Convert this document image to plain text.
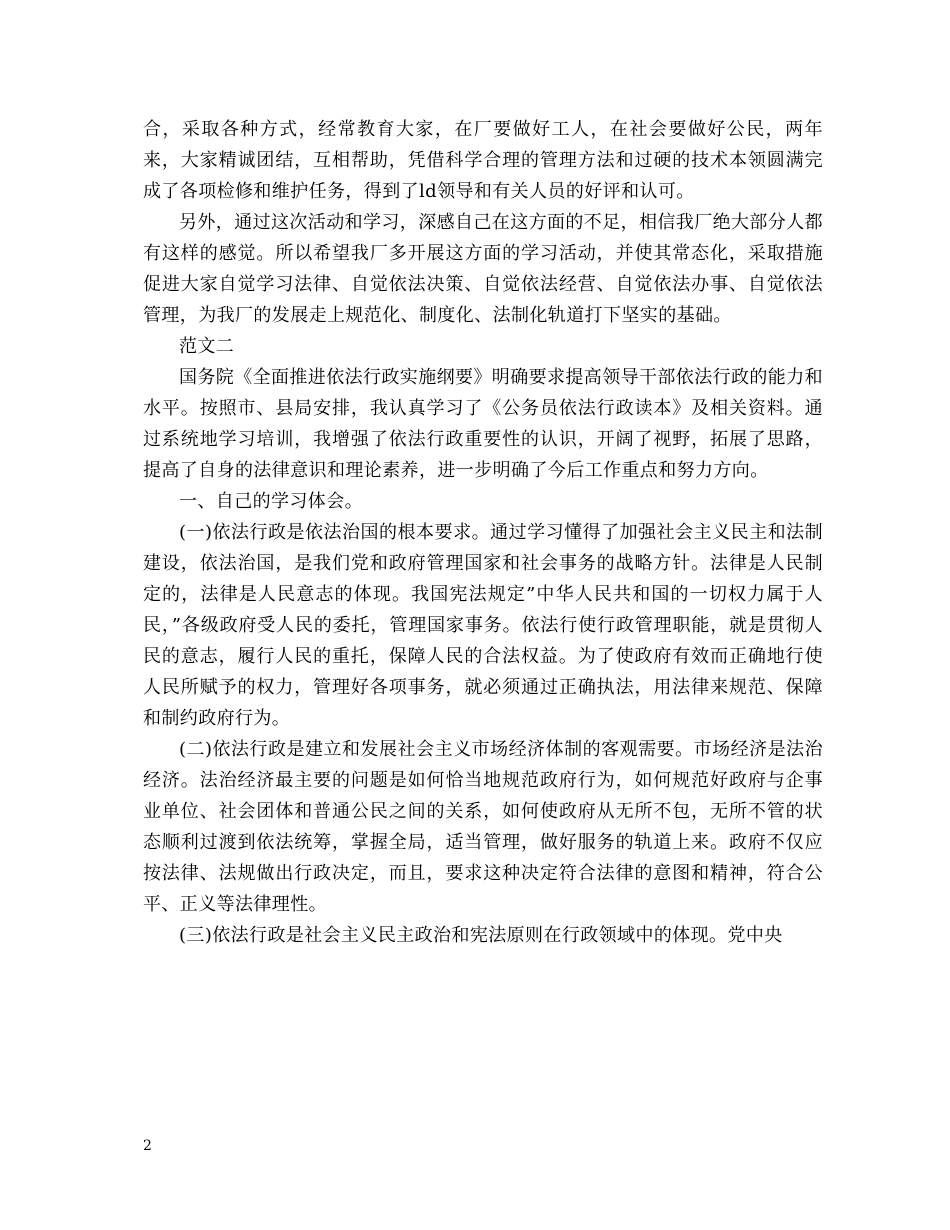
合，采取各种方式，经常教育大家，在厂要做好工人，在社会要做好公民，两年来，大家精诚团结，互相帮助，凭借科学合理的管理方法和过硬的技术本领圆满完成了各项检修和维护任务，得到了ld领导和有关人员的好评和认可。

另外，通过这次活动和学习，深感自己在这方面的不足，相信我厂绝大部分人都有这样的感觉。所以希望我厂多开展这方面的学习活动，并使其常态化，采取措施促进大家自觉学习法律、自觉依法决策、自觉依法经营、自觉依法办事、自觉依法管理，为我厂的发展走上规范化、制度化、法制化轨道打下坚实的基础。

范文二

国务院《全面推进依法行政实施纲要》明确要求提高领导干部依法行政的能力和水平。按照市、县局安排，我认真学习了《公务员依法行政读本》及相关资料。通过系统地学习培训，我增强了依法行政重要性的认识，开阔了视野，拓展了思路，提高了自身的法律意识和理论素养，进一步明确了今后工作重点和努力方向。

一、自己的学习体会。

(一)依法行政是依法治国的根本要求。通过学习懂得了加强社会主义民主和法制建设，依法治国，是我们党和政府管理国家和社会事务的战略方针。法律是人民制定的，法律是人民意志的体现。我国宪法规定”中华人民共和国的一切权力属于人民，”各级政府受人民的委托，管理国家事务。依法行使行政管理职能，就是贯彻人民的意志，履行人民的重托，保障人民的合法权益。为了使政府有效而正确地行使人民所赋予的权力，管理好各项事务，就必须通过正确执法，用法律来规范、保障和制约政府行为。

(二)依法行政是建立和发展社会主义市场经济体制的客观需要。市场经济是法治经济。法治经济最主要的问题是如何恰当地规范政府行为，如何规范好政府与企事业单位、社会团体和普通公民之间的关系，如何使政府从无所不包，无所不管的状态顺利过渡到依法统筹，掌握全局，适当管理，做好服务的轨道上来。政府不仅应按法律、法规做出行政决定，而且，要求这种决定符合法律的意图和精神，符合公平、正义等法律理性。

(三)依法行政是社会主义民主政治和宪法原则在行政领域中的体现。党中央

2
